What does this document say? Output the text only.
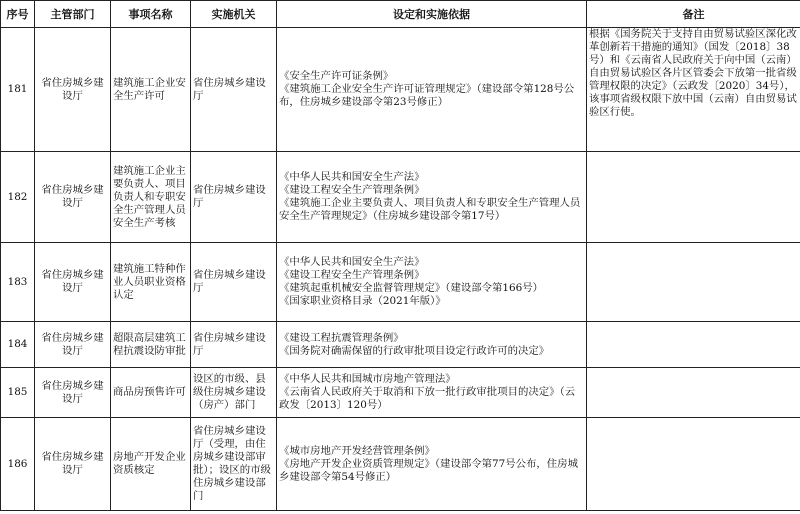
序号	主管部门	事项名称	实施机关	设定和实施依据	备注
181	省住房城乡建设厅	建筑施工企业安全生产许可	省住房城乡建设厅	《安全生产许可证条例》
《建筑施工企业安全生产许可证管理规定》（建设部令第128号公布，住房城乡建设部令第23号修正）	根据《国务院关于支持自由贸易试验区深化改革创新若干措施的通知》（国发〔2018〕38号）和《云南省人民政府关于向中国（云南）自由贸易试验区各片区管委会下放第一批省级管理权限的决定》（云政发〔2020〕34号），该事项省级权限下放中国（云南）自由贸易试验区行使。
182	省住房城乡建设厅	建筑施工企业主要负责人、项目负责人和专职安全生产管理人员安全生产考核	省住房城乡建设厅	《中华人民共和国安全生产法》
《建设工程安全生产管理条例》
《建筑施工企业主要负责人、项目负责人和专职安全生产管理人员安全生产管理规定》（住房城乡建设部令第17号）	

183	省住房城乡建设厅	建筑施工特种作业人员职业资格认定	省住房城乡建设厅	《中华人民共和国安全生产法》
《建设工程安全生产管理条例》
《建筑起重机械安全监督管理规定》（建设部令第166号）
《国家职业资格目录（2021年版）》	

184	省住房城乡建设厅	超限高层建筑工程抗震设防审批	省住房城乡建设厅	《建设工程抗震管理条例》
《国务院对确需保留的行政审批项目设定行政许可的决定》	

185	省住房城乡建设厅	商品房预售许可	设区的市级、县级住房城乡建设（房产）部门	《中华人民共和国城市房地产管理法》
《云南省人民政府关于取消和下放一批行政审批项目的决定》（云政发〔2013〕120号）	

186	省住房城乡建设厅	房地产开发企业资质核定	省住房城乡建设厅（受理，由住房城乡建设部审批）；设区的市级住房城乡建设部门	《城市房地产开发经营管理条例》
《房地产开发企业资质管理规定》（建设部令第77号公布，住房城乡建设部令第54号修正）	
